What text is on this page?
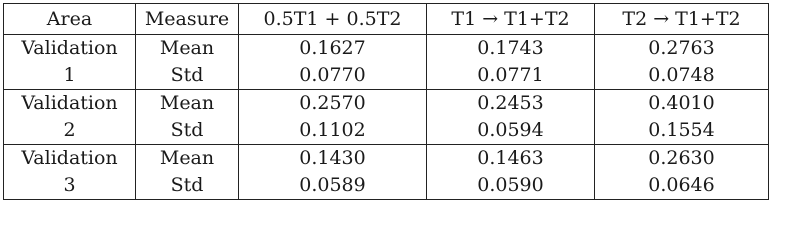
Area	Measure	0.5T1 + 0.5T2	T1 → T1+T2	T2 → T1+T2
Validation	Mean	0.1627	0.1743	0.2763
1	Std	0.0770	0.0771	0.0748
Validation	Mean	0.2570	0.2453	0.4010
2	Std	0.1102	0.0594	0.1554
Validation	Mean	0.1430	0.1463	0.2630
3	Std	0.0589	0.0590	0.0646
